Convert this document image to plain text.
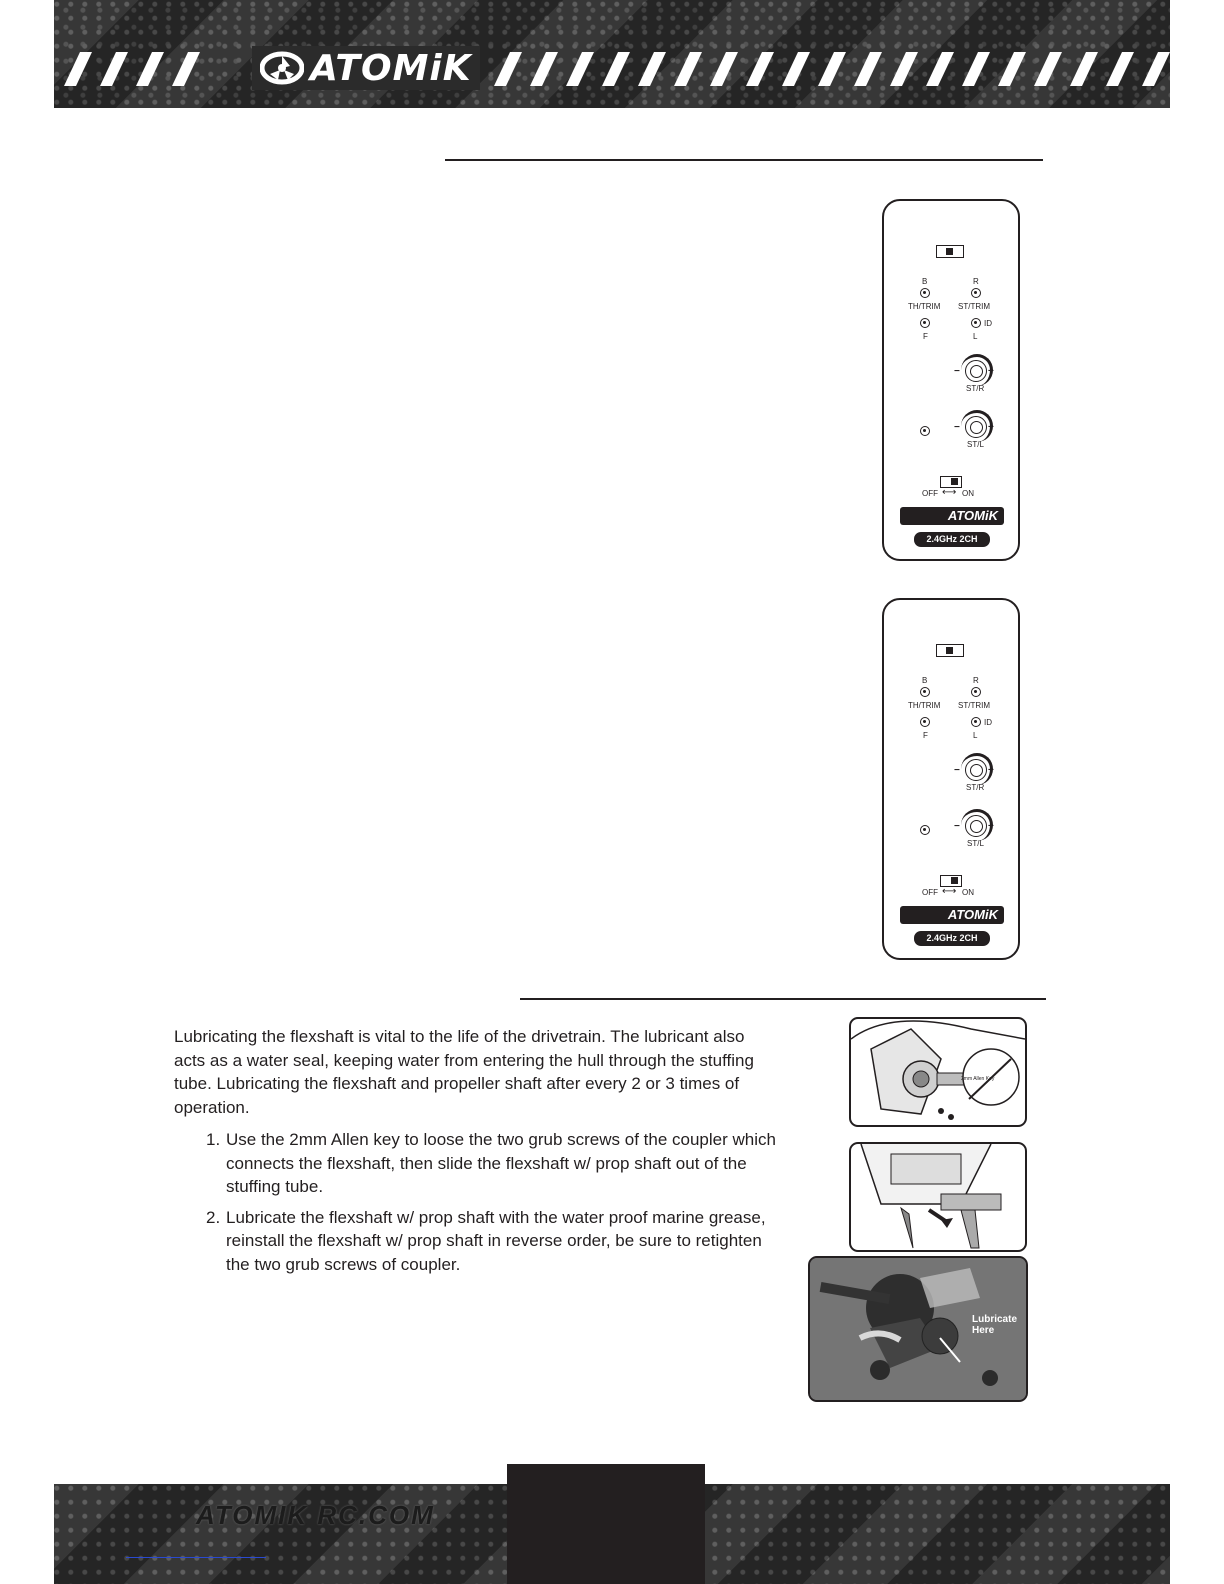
ATOMiK
B	R
TH/TRIM ST/TRIM
ID
F	L
−	+
ST/R
−	+
ST/L
OFF ⟷ ON
ATOMiK
2.4GHz 2CH
B	R
TH/TRIM ST/TRIM
ID
F	L
−	+
ST/R
−	+
ST/L
OFF ⟷ ON
ATOMiK
2.4GHz 2CH

Lubricating the flexshaft is vital to the life of the drivetrain. The lubricant also acts as a water seal, keeping water from entering the hull through the stuffing tube. Lubricating the flexshaft and propeller shaft after every 2 or 3 times of operation.

1. Use the 2mm Allen key to loose the two grub screws of the coupler which connects the flexshaft, then slide the flexshaft w/ prop shaft out of the stuffing tube.
2. Lubricate the flexshaft w/ prop shaft with the water proof marine grease, reinstall the flexshaft w/ prop shaft in reverse order, be sure to retighten the two grub screws of coupler.
2mm Allen Key
Lubricate
Here
ATOMIK RC.COM
